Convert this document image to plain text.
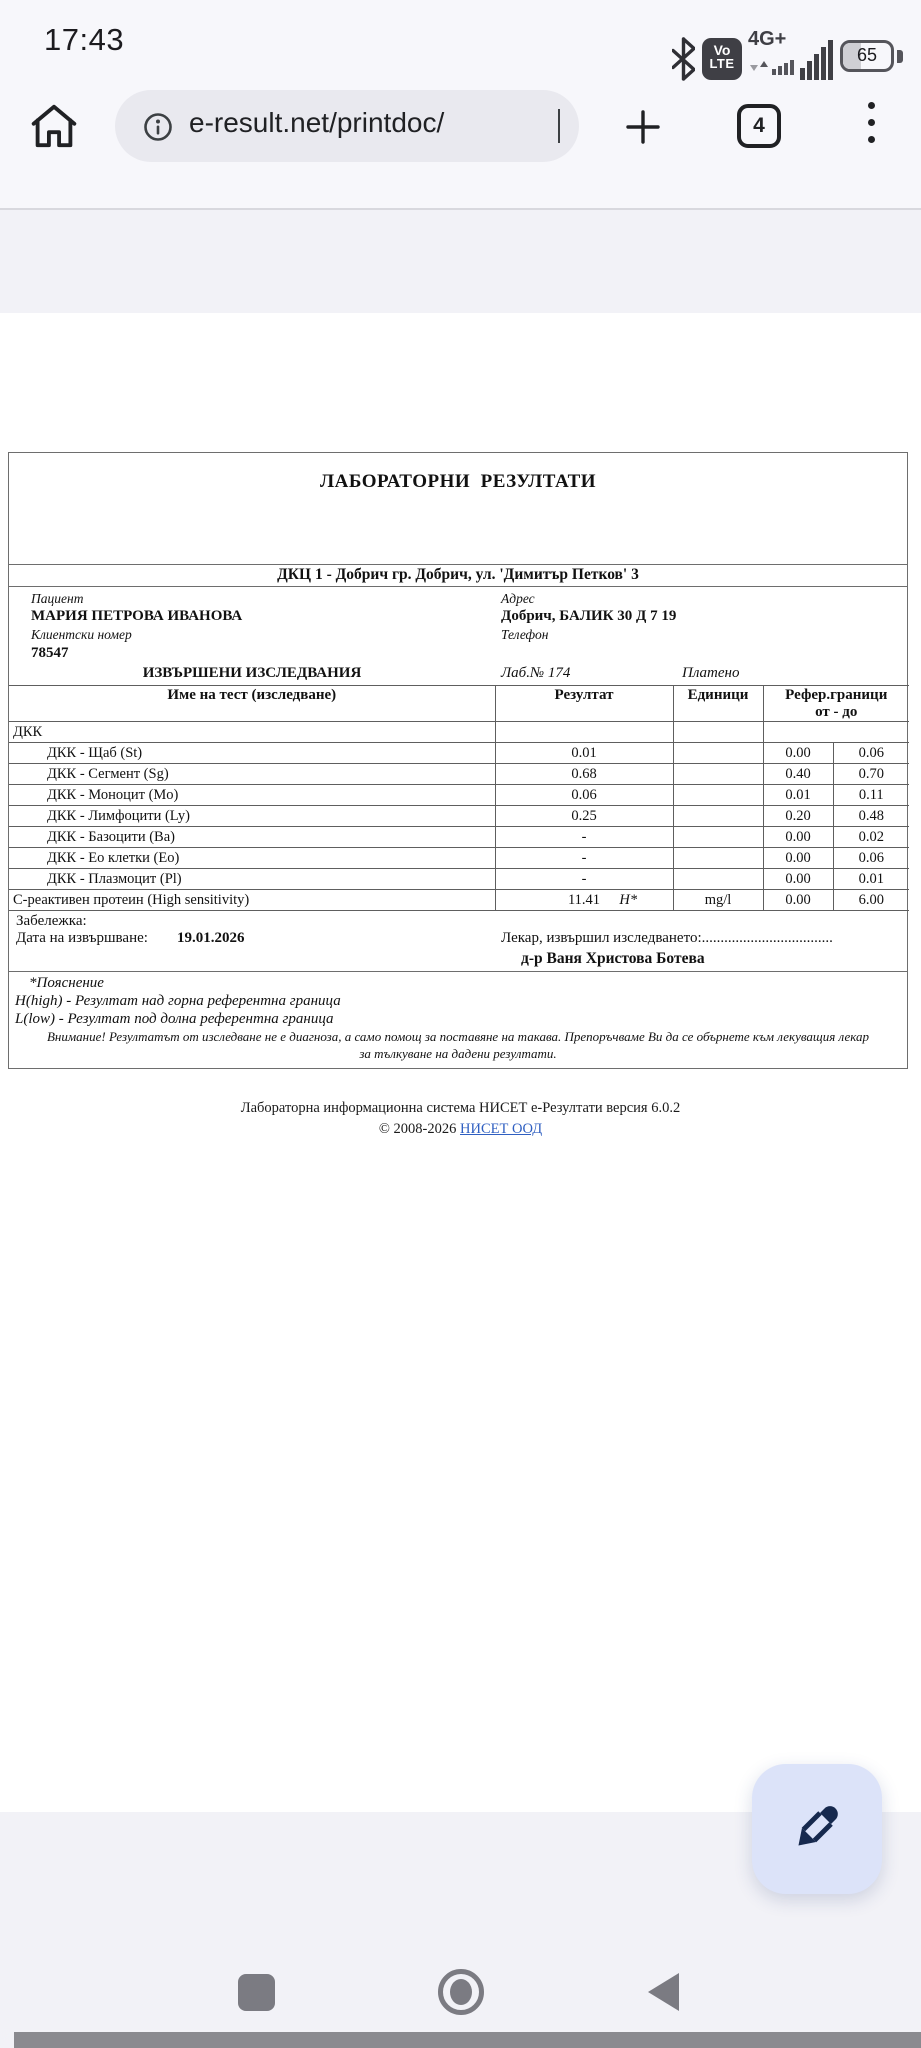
17:43	Vo
LTE
4G+
65
e-result.net/printdoc/	4
ЛАБОРАТОРНИ  РЕЗУЛТАТИ
ДКЦ 1 - Добрич гр. Добрич, ул. 'Димитър Петков' 3
Пациент
МАРИЯ ПЕТРОВА ИВАНОВА
Клиентски номер
78547
Адрес
Добрич, БАЛИК 30 Д 7 19
Телефон
ИЗВЪРШЕНИ ИЗСЛЕДВАНИЯ	Лаб.№ 174	Платено
Име на тест (изследване)	Резултат	Единици	Рефер.граници
от - до	

ДКК				
ДКК - Щаб (St)	0.01		0.00	0.06
ДКК - Сегмент (Sg)	0.68		0.40	0.70
ДКК - Моноцит (Mo)	0.06		0.01	0.11
ДКК - Лимфоцити (Ly)	0.25		0.20	0.48
ДКК - Базоцити (Ba)	-		0.00	0.02
ДКК - Ео клетки (Eo)	-		0.00	0.06
ДКК - Плазмоцит (Pl)	-		0.00	0.01
С-реактивен протеин (High sensitivity)	11.41 H*	mg/l	0.00	6.00
Забележка:
Дата на извършване: 19.01.2026	Лекар, извършил изследването:...................................
д-р Ваня Христова Ботева
*Пояснение
H(high) - Резултат над горна референтна граница
L(low) - Резултат под долна референтна граница
Внимание! Резултатът от изследване не е диагноза, а само помощ за поставяне на такава. Препоръчваме Ви да се обърнете към лекуващия лекар за тълкуване на дадени резултати.
Лабораторна информационна система НИСЕТ е-Резултати версия 6.0.2
© 2008-2026 НИСЕТ ООД
